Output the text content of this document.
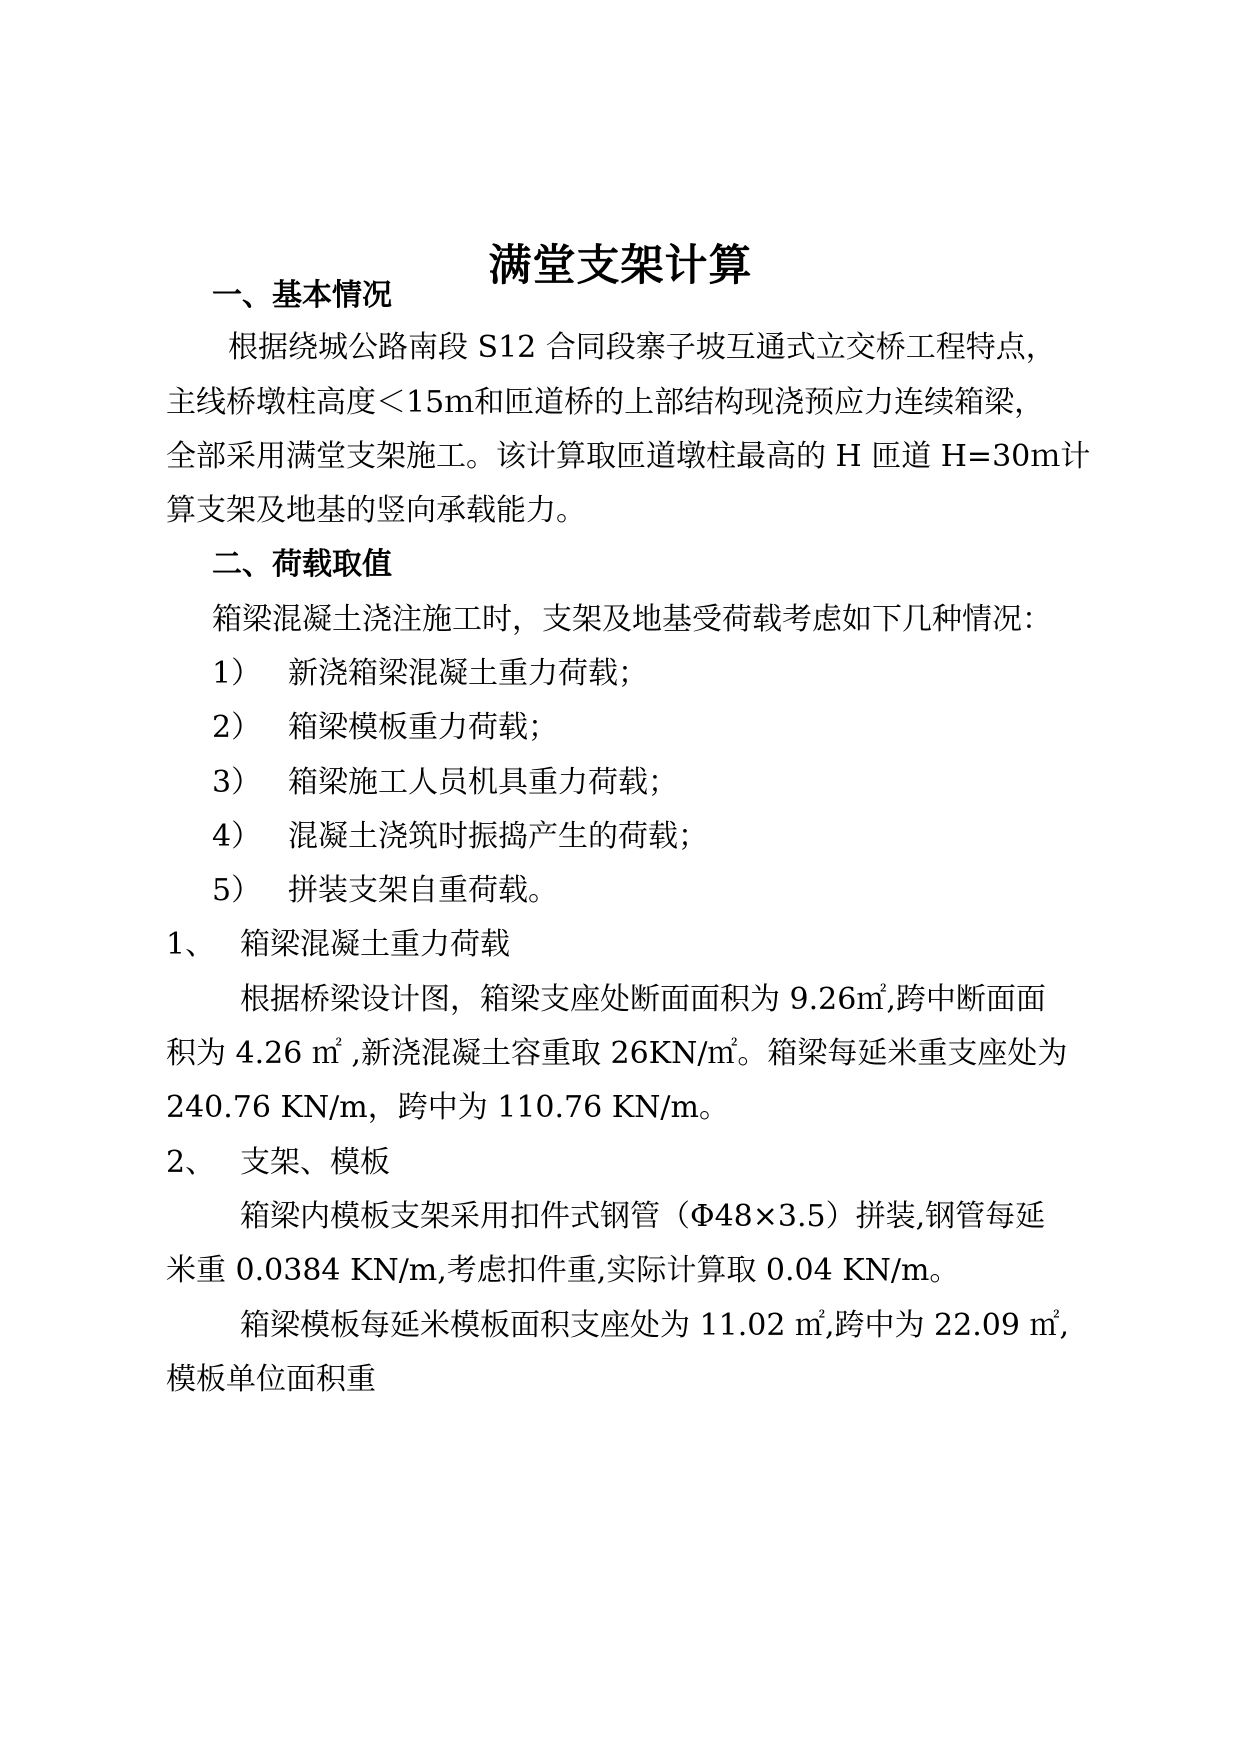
满堂支架计算
一、基本情况
根据绕城公路南段 S12 合同段寨子坡互通式立交桥工程特点，
主线桥墩柱高度＜15ｍ和匝道桥的上部结构现浇预应力连续箱梁，
全部采用满堂支架施工。该计算取匝道墩柱最高的 H 匝道 H=30ｍ计
算支架及地基的竖向承载能力。
二、荷载取值
箱梁混凝土浇注施工时，支架及地基受荷载考虑如下几种情况：
1） 新浇箱梁混凝土重力荷载；
2） 箱梁模板重力荷载；
3） 箱梁施工人员机具重力荷载；
4） 混凝土浇筑时振捣产生的荷载；
5） 拼装支架自重荷载。
1、 箱梁混凝土重力荷载
根据桥梁设计图，箱梁支座处断面面积为 9.26㎡,跨中断面面
积为 4.26 ㎡ ,新浇混凝土容重取 26KN/㎡。箱梁每延米重支座处为
240.76 KN/m，跨中为 110.76 KN/m。
2、 支架、模板
箱梁内模板支架采用扣件式钢管（Φ48×3.5）拼装,钢管每延
米重 0.0384 KN/m,考虑扣件重,实际计算取 0.04 KN/m。
箱梁模板每延米模板面积支座处为 11.02 ㎡,跨中为 22.09 ㎡,
模板单位面积重
